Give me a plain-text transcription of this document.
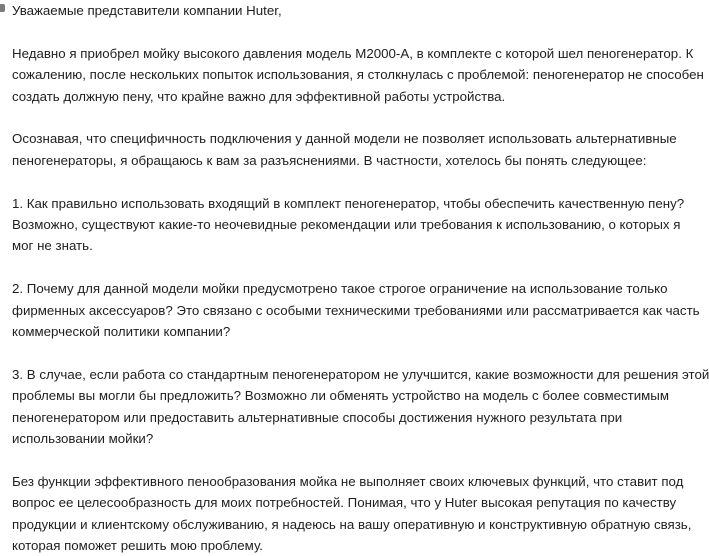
Уважаемые представители компании Huter,

Недавно я приобрел мойку высокого давления модель М2000-А, в комплекте с которой шел пеногенератор. К
сожалению, после нескольких попыток использования, я столкнулась с проблемой: пеногенератор не способен
создать должную пену, что крайне важно для эффективной работы устройства.

Осознавая, что специфичность подключения у данной модели не позволяет использовать альтернативные
пеногенераторы, я обращаюсь к вам за разъяснениями. В частности, хотелось бы понять следующее:

1. Как правильно использовать входящий в комплект пеногенератор, чтобы обеспечить качественную пену?
Возможно, существуют какие-то неочевидные рекомендации или требования к использованию, о которых я
мог не знать.

2. Почему для данной модели мойки предусмотрено такое строгое ограничение на использование только
фирменных аксессуаров? Это связано с особыми техническими требованиями или рассматривается как часть
коммерческой политики компании?

3. В случае, если работа со стандартным пеногенератором не улучшится, какие возможности для решения этой
проблемы вы могли бы предложить? Возможно ли обменять устройство на модель с более совместимым
пеногенератором или предоставить альтернативные способы достижения нужного результата при
использовании мойки?

Без функции эффективного пенообразования мойка не выполняет своих ключевых функций, что ставит под
вопрос ее целесообразность для моих потребностей. Понимая, что у Huter высокая репутация по качеству
продукции и клиентскому обслуживанию, я надеюсь на вашу оперативную и конструктивную обратную связь,
которая поможет решить мою проблему.
